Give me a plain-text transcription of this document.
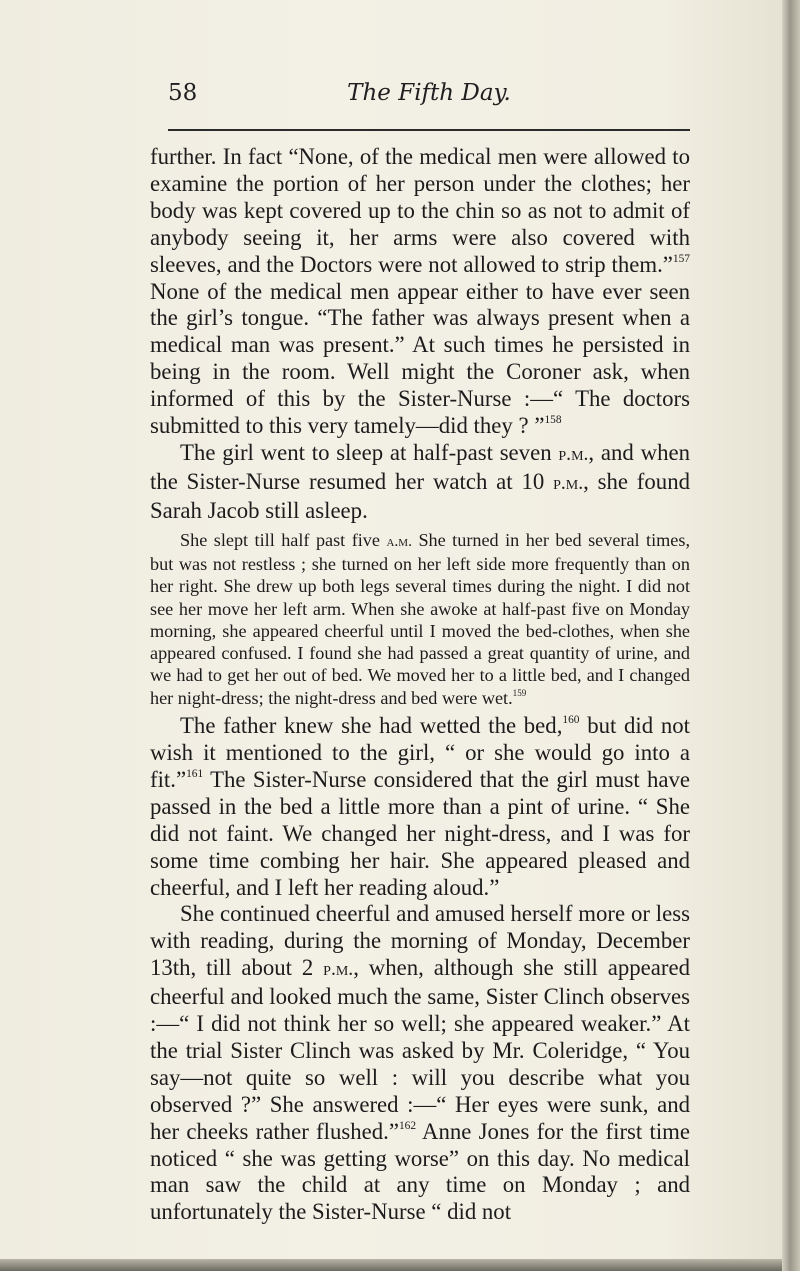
58	The Fifth Day.

further. In fact “None, of the medical men were allowed to examine the portion of her person under the clothes; her body was kept covered up to the chin so as not to admit of anybody seeing it, her arms were also covered with sleeves, and the Doctors were not allowed to strip them.”$^{157}$ None of the medical men appear either to have ever seen the girl’s tongue. “The father was always present when a medical man was present.” At such times he persisted in being in the room. Well might the Coroner ask, when informed of this by the Sister-Nurse :—“ The doctors submitted to this very tamely—did they ? ”$^{158}$

The girl went to sleep at half-past seven p.m., and when the Sister-Nurse resumed her watch at 10 p.m., she found Sarah Jacob still asleep.

She slept till half past five a.m. She turned in her bed several times, but was not restless ; she turned on her left side more frequently than on her right. She drew up both legs several times during the night. I did not see her move her left arm. When she awoke at half-past five on Monday morning, she appeared cheerful until I moved the bed-clothes, when she appeared confused. I found she had passed a great quantity of urine, and we had to get her out of bed. We moved her to a little bed, and I changed her night-dress; the night-dress and bed were wet.$^{159}$

The father knew she had wetted the bed,$^{160}$ but did not wish it mentioned to the girl, “ or she would go into a fit.”$^{161}$ The Sister-Nurse considered that the girl must have passed in the bed a little more than a pint of urine. “ She did not faint. We changed her night-dress, and I was for some time combing her hair. She appeared pleased and cheerful, and I left her reading aloud.”

She continued cheerful and amused herself more or less with reading, during the morning of Monday, December 13th, till about 2 p.m., when, although she still appeared cheerful and looked much the same, Sister Clinch observes :—“ I did not think her so well; she appeared weaker.” At the trial Sister Clinch was asked by Mr. Coleridge, “ You say—not quite so well : will you describe what you observed ?” She answered :—“ Her eyes were sunk, and her cheeks rather flushed.”$^{162}$ Anne Jones for the first time noticed “ she was getting worse” on this day. No medical man saw the child at any time on Monday ; and unfortunately the Sister-Nurse “ did not
